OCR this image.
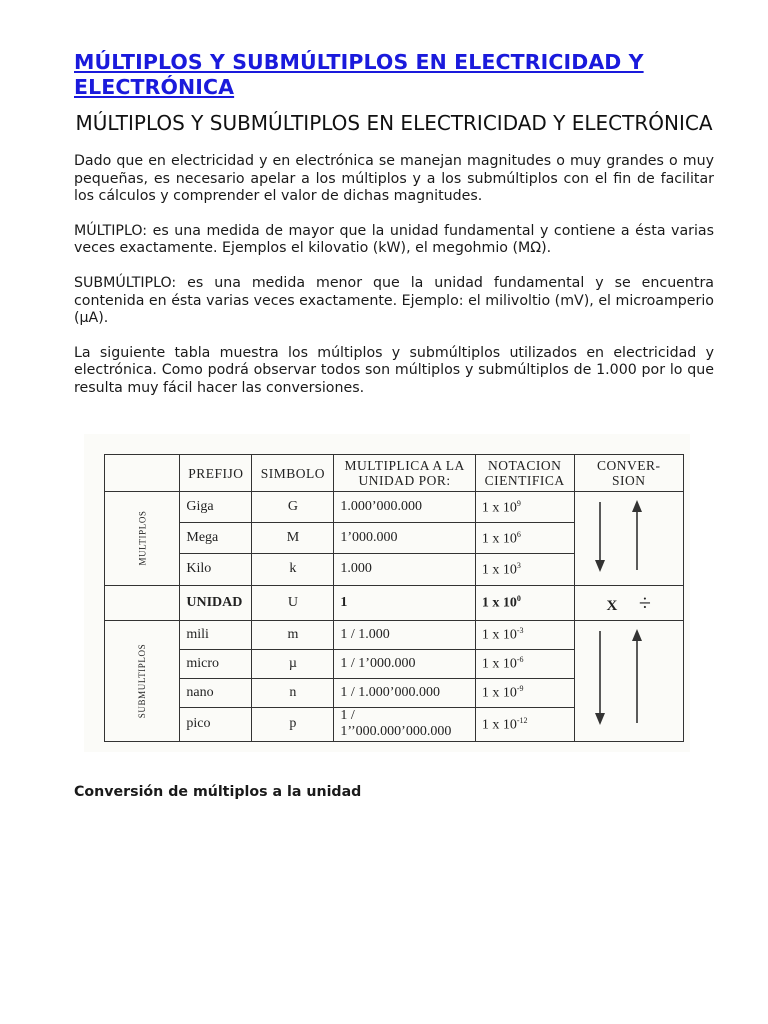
MÚLTIPLOS Y SUBMÚLTIPLOS EN ELECTRICIDAD Y ELECTRÓNICA
MÚLTIPLOS Y SUBMÚLTIPLOS EN ELECTRICIDAD Y ELECTRÓNICA

Dado que en electricidad y en electrónica se manejan magnitudes o muy grandes o muy pequeñas, es necesario apelar a los múltiplos y a los submúltiplos con el fin de facilitar los cálculos y comprender el valor de dichas magnitudes.

MÚLTIPLO: es una medida de mayor que la unidad fundamental y contiene a ésta varias veces exactamente. Ejemplos el kilovatio (kW), el megohmio (MΩ).

SUBMÚLTIPLO: es una medida menor que la unidad fundamental y se encuentra contenida en ésta varias veces exactamente. Ejemplo: el milivoltio (mV), el microamperio (µA).

La siguiente tabla muestra los múltiplos y submúltiplos utilizados en electricidad y electrónica. Como podrá observar todos son múltiplos y submúltiplos de 1.000 por lo que resulta muy fácil hacer las conversiones.

	PREFIJO	SIMBOLO	MULTIPLICA A LA UNIDAD POR:	NOTACION CIENTIFICA	CONVER-SION
MULTIPLOS	Giga	G	1.000’000.000	1 x $10^9$	
	Mega	M	1’000.000	1 x $10^6$
	Kilo	k	1.000	1 x $10^3$
	UNIDAD	U	1	1 x $10^0$	X ÷
SUBMULTIPLOS	mili	m	1 / 1.000	1 x $10^{-3}$	
	micro	µ	1 / 1’000.000	1 x $10^{-6}$
	nano	n	1 / 1.000’000.000	1 x $10^{-9}$
	pico	p	1 / 1’’000.000’000.000	1 x $10^{-12}$
Conversión de múltiplos a la unidad
